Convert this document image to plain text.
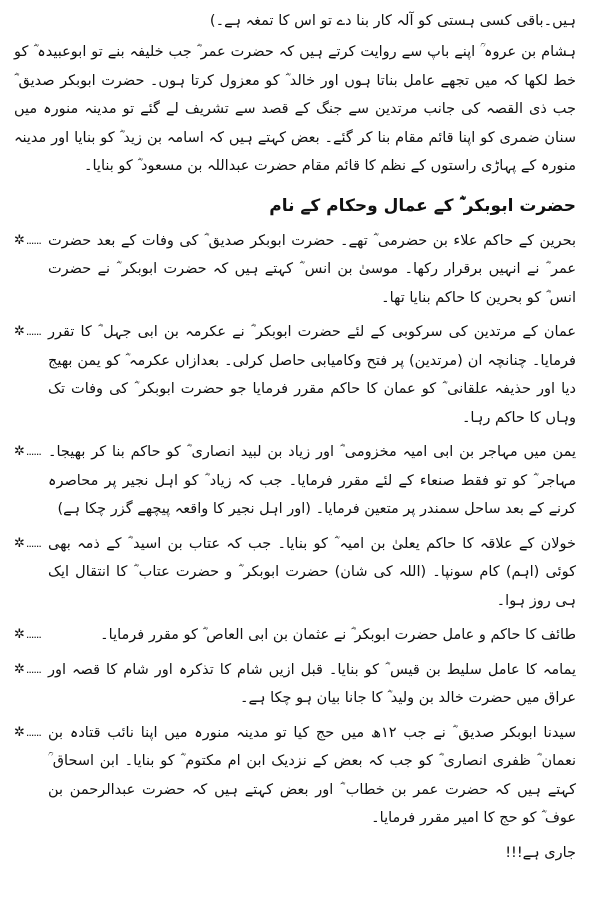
ہیں۔باقی کسی ہستی کو آلہ کار بنا دے تو اس کا تمغہ ہے۔)

ہشام بن عروہ ؒ اپنے باپ سے روایت کرتے ہیں کہ حضرت عمر ؓ جب خلیفہ بنے تو ابوعبیدہ ؓ کو خط لکھا کہ میں تجھے عامل بناتا ہوں اور خالد ؓ کو معزول کرتا ہوں۔ حضرت ابوبکر صدیق ؓ جب ذی القصہ کی جانب مرتدین سے جنگ کے قصد سے تشریف لے گئے تو مدینہ منورہ میں سنان ضمری کو اپنا قائم مقام بنا کر گئے۔ بعض کہتے ہیں کہ اسامہ بن زید ؓ کو بنایا اور مدینہ منورہ کے پہاڑی راستوں کے نظم کا قائم مقام حضرت عبداللہ بن مسعود ؓ کو بنایا۔

حضرت ابوبکر ؓ کے عمال وحکام کے نام
بحرین کے حاکم علاء بن حضرمی ؓ تھے۔ حضرت ابوبکر صدیق ؓ کی وفات کے بعد حضرت عمر ؓ نے انہیں برقرار رکھا۔ موسیٰ بن انس ؓ کہتے ہیں کہ حضرت ابوبکر ؓ نے حضرت انس ؓ کو بحرین کا حاکم بنایا تھا۔
✲ ......
عمان کے مرتدین کی سرکوبی کے لئے حضرت ابوبکر ؓ نے عکرمہ بن ابی جہل ؓ کا تقرر فرمایا۔ چنانچہ ان (مرتدین) پر فتح وکامیابی حاصل کرلی۔ بعدازاں عکرمہ ؓ کو یمن بھیج دیا اور حذیفہ علقانی ؓ کو عمان کا حاکم مقرر فرمایا جو حضرت ابوبکر ؓ کی وفات تک وہاں کا حاکم رہا۔
✲ ......
یمن میں مہاجر بن ابی امیہ مخزومی ؓ اور زیاد بن لبید انصاری ؓ کو حاکم بنا کر بھیجا۔ مہاجر ؓ کو تو فقط صنعاء کے لئے مقرر فرمایا۔ جب کہ زیاد ؓ کو اہل نجیر پر محاصرہ کرنے کے بعد ساحل سمندر پر متعین فرمایا۔ (اور اہل نجیر کا واقعہ پیچھے گزر چکا ہے)
✲ ......
خولان کے علاقہ کا حاکم یعلیٰ بن امیہ ؓ کو بنایا۔ جب کہ عتاب بن اسید ؓ کے ذمہ بھی کوئی (اہم) کام سونپا۔ (اللہ کی شان) حضرت ابوبکر ؓ و حضرت عتاب ؓ کا انتقال ایک ہی روز ہوا۔
✲ ......
طائف کا حاکم و عامل حضرت ابوبکر ؓ نے عثمان بن ابی العاص ؓ کو مقرر فرمایا۔
✲ ......
یمامہ کا عامل سلیط بن قیس ؓ کو بنایا۔ قبل ازیں شام کا تذکرہ اور شام کا قصہ اور عراق میں حضرت خالد بن ولید ؓ کا جانا بیان ہو چکا ہے۔
✲ ......
سیدنا ابوبکر صدیق ؓ نے جب ۱۲ھ میں حج کیا تو مدینہ منورہ میں اپنا نائب قتادہ بن نعمان ؓ ظفری انصاری ؓ کو جب کہ بعض کے نزدیک ابن ام مکتوم ؓ کو بنایا۔ ابن اسحاق ؒ کہتے ہیں کہ حضرت عمر بن خطاب ؓ اور بعض کہتے ہیں کہ حضرت عبدالرحمن بن عوف ؓ کو حج کا امیر مقرر فرمایا۔
✲ ......
جاری ہے!!!
